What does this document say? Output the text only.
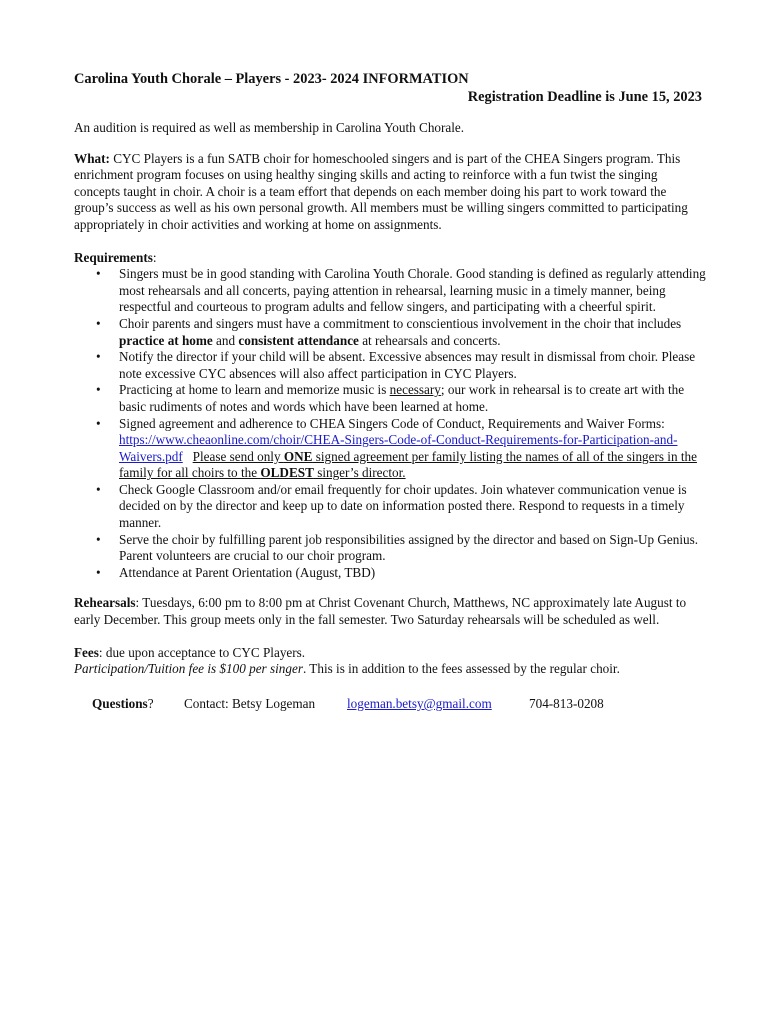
Carolina Youth Chorale – Players - 2023- 2024 INFORMATION
Registration Deadline is June 15, 2023

An audition is required as well as membership in Carolina Youth Chorale.

What: CYC Players is a fun SATB choir for homeschooled singers and is part of the CHEA Singers program. This enrichment program focuses on using healthy singing skills and acting to reinforce with a fun twist the singing concepts taught in choir. A choir is a team effort that depends on each member doing his part to work toward the group’s success as well as his own personal growth. All members must be willing singers committed to participating appropriately in choir activities and working at home on assignments.

Requirements:

• Singers must be in good standing with Carolina Youth Chorale. Good standing is defined as regularly attending most rehearsals and all concerts, paying attention in rehearsal, learning music in a timely manner, being respectful and courteous to program adults and fellow singers, and participating with a cheerful spirit.
• Choir parents and singers must have a commitment to conscientious involvement in the choir that includes practice at home and consistent attendance at rehearsals and concerts.
• Notify the director if your child will be absent. Excessive absences may result in dismissal from choir. Please note excessive CYC absences will also affect participation in CYC Players.
• Practicing at home to learn and memorize music is necessary; our work in rehearsal is to create art with the basic rudiments of notes and words which have been learned at home.
• Signed agreement and adherence to CHEA Singers Code of Conduct, Requirements and Waiver Forms: https://www.cheaonline.com/choir/CHEA-Singers-Code-of-Conduct-Requirements-for-Participation-and-Waivers.pdf Please send only ONE signed agreement per family listing the names of all of the singers in the family for all choirs to the OLDEST singer’s director.
• Check Google Classroom and/or email frequently for choir updates. Join whatever communication venue is decided on by the director and keep up to date on information posted there. Respond to requests in a timely manner.
• Serve the choir by fulfilling parent job responsibilities assigned by the director and based on Sign-Up Genius. Parent volunteers are crucial to our choir program.
• Attendance at Parent Orientation (August, TBD)

Rehearsals: Tuesdays, 6:00 pm to 8:00 pm at Christ Covenant Church, Matthews, NC approximately late August to early December. This group meets only in the fall semester. Two Saturday rehearsals will be scheduled as well.

Fees: due upon acceptance to CYC Players.
Participation/Tuition fee is $100 per singer. This is in addition to the fees assessed by the regular choir.

Questions?	Contact: Betsy Logeman	logeman.betsy@gmail.com	704-813-0208
